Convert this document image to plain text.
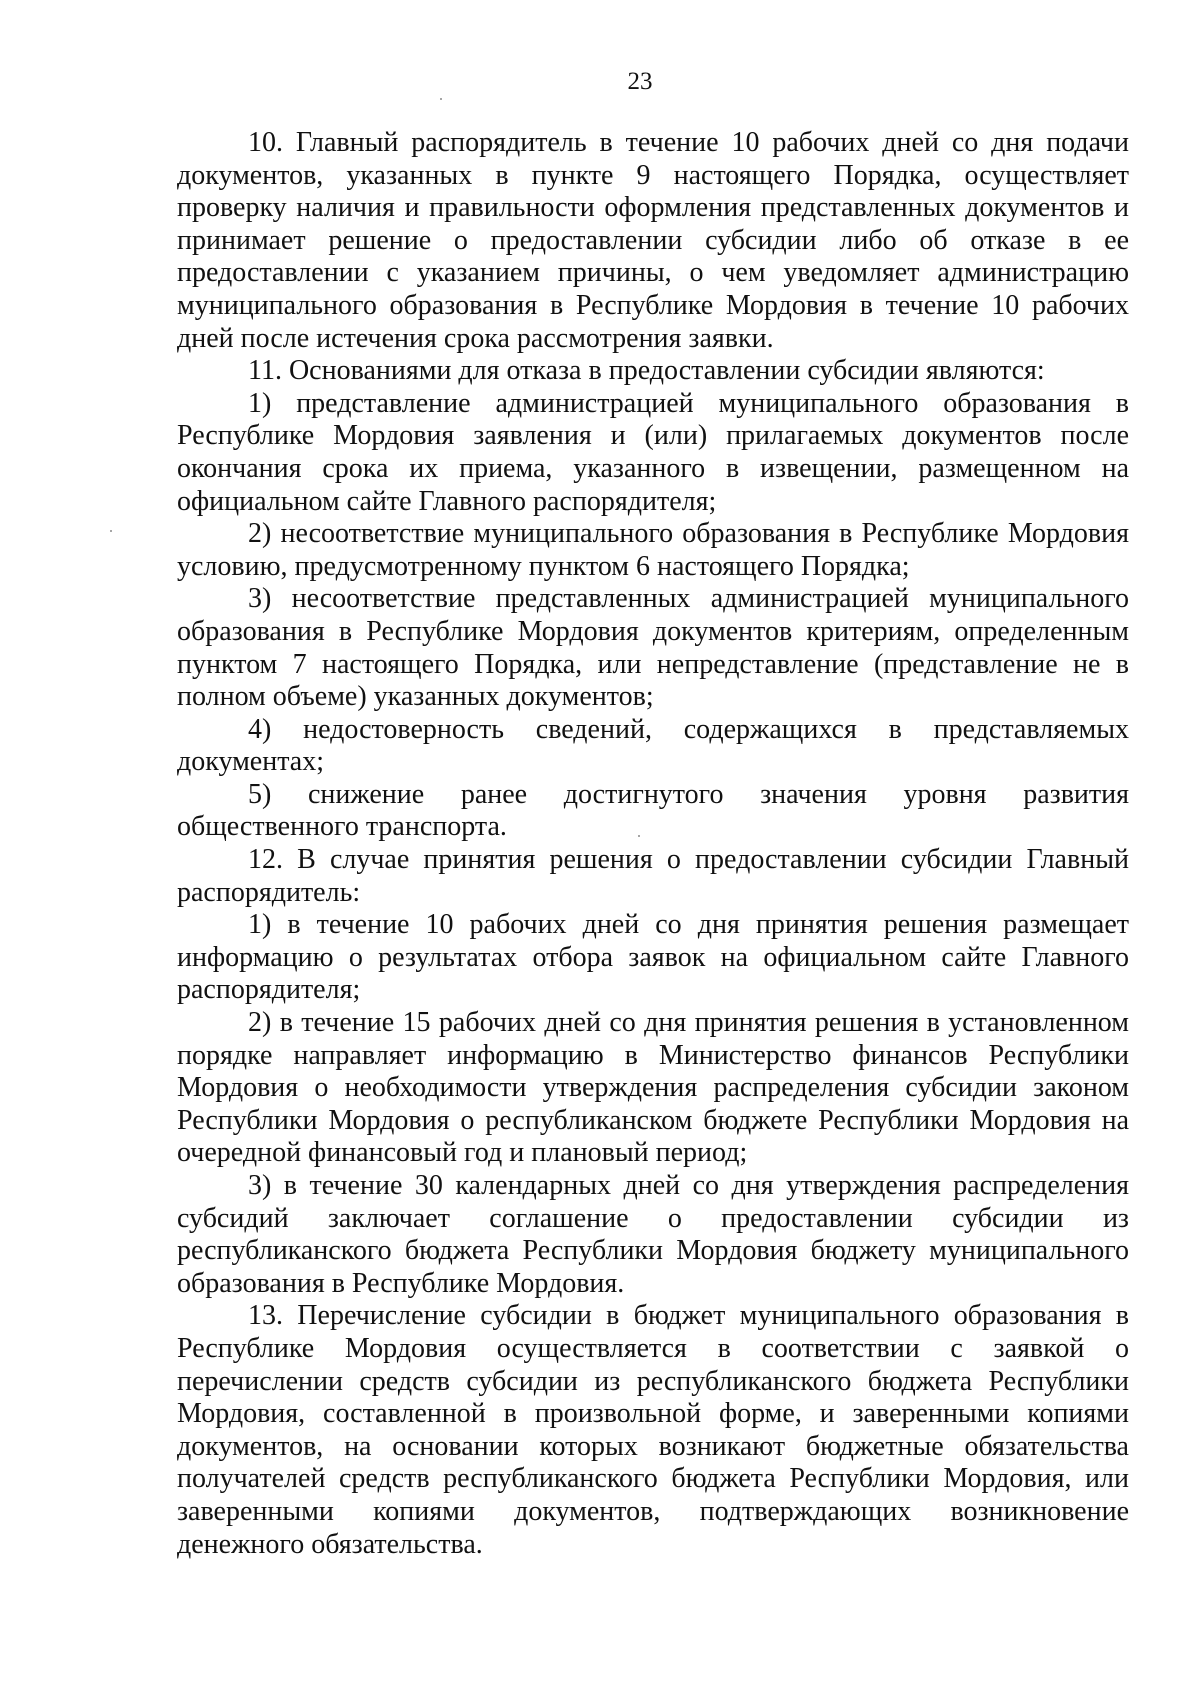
23

10. Главный распорядитель в течение 10 рабочих дней со дня подачи документов, указанных в пункте 9 настоящего Порядка, осуществляет проверку наличия и правильности оформления представленных документов и принимает решение о предоставлении субсидии либо об отказе в ее предоставлении с указанием причины, о чем уведомляет администрацию муниципального образования в Республике Мордовия в течение 10 рабочих дней после истечения срока рассмотрения заявки.

11. Основаниями для отказа в предоставлении субсидии являются:

1) представление администрацией муниципального образования в Республике Мордовия заявления и (или) прилагаемых документов после окончания срока их приема, указанного в извещении, размещенном на официальном сайте Главного распорядителя;

2) несоответствие муниципального образования в Республике Мордовия условию, предусмотренному пунктом 6 настоящего Порядка;

3) несоответствие представленных администрацией муниципального образования в Республике Мордовия документов критериям, определенным пунктом 7 настоящего Порядка, или непредставление (представление не в полном объеме) указанных документов;

4) недостоверность сведений, содержащихся в представляемых документах;

5) снижение ранее достигнутого значения уровня развития общественного транспорта.

12. В случае принятия решения о предоставлении субсидии Главный распорядитель:

1) в течение 10 рабочих дней со дня принятия решения размещает информацию о результатах отбора заявок на официальном сайте Главного распорядителя;

2) в течение 15 рабочих дней со дня принятия решения в установленном порядке направляет информацию в Министерство финансов Республики Мордовия о необходимости утверждения распределения субсидии законом Республики Мордовия о республиканском бюджете Республики Мордовия на очередной финансовый год и плановый период;

3) в течение 30 календарных дней со дня утверждения распределения субсидий заключает соглашение о предоставлении субсидии из республиканского бюджета Республики Мордовия бюджету муниципального образования в Республике Мордовия.

13. Перечисление субсидии в бюджет муниципального образования в Республике Мордовия осуществляется в соответствии с заявкой о перечислении средств субсидии из республиканского бюджета Республики Мордовия, составленной в произвольной форме, и заверенными копиями документов, на основании которых возникают бюджетные обязательства получателей средств республиканского бюджета Республики Мордовия, или заверенными копиями документов, подтверждающих возникновение денежного обязательства.
